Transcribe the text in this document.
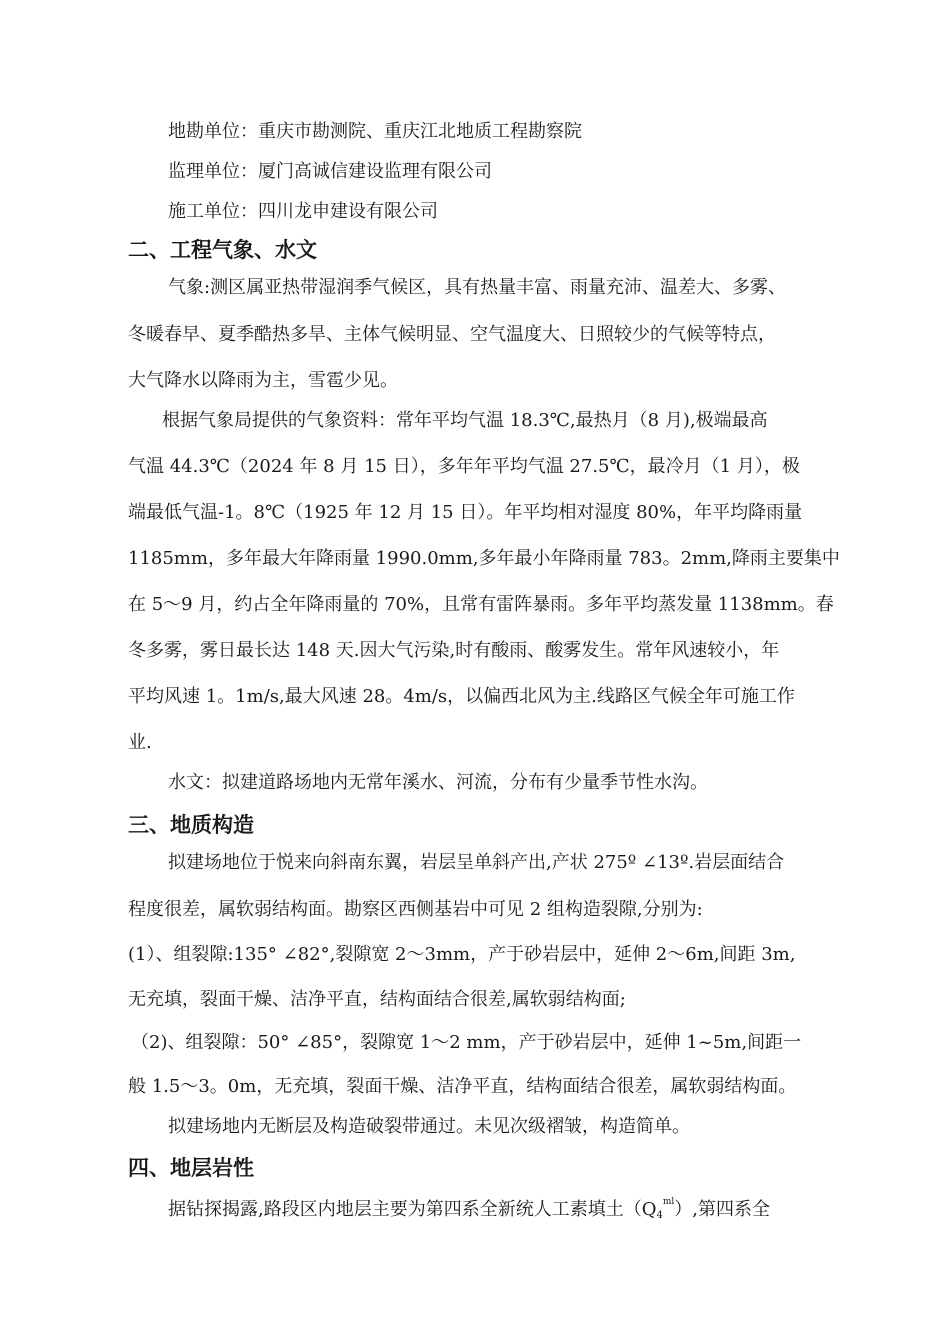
地勘单位：重庆市勘测院、重庆江北地质工程勘察院
监理单位：厦门高诚信建设监理有限公司
施工单位：四川龙申建设有限公司
二、工程气象、水文
气象:测区属亚热带湿润季气候区，具有热量丰富、雨量充沛、温差大、多雾、
冬暖春早、夏季酷热多旱、主体气候明显、空气温度大、日照较少的气候等特点，
大气降水以降雨为主，雪雹少见。
根据气象局提供的气象资料：常年平均气温 18.3℃,最热月（8 月),极端最高
气温 44.3℃（2024 年 8 月 15 日），多年年平均气温 27.5℃，最冷月（1 月），极
端最低气温-1。8℃（1925 年 12 月 15 日）。年平均相对湿度 80%，年平均降雨量
1185mm，多年最大年降雨量 1990.0mm,多年最小年降雨量 783。2mm,降雨主要集中
在 5～9 月，约占全年降雨量的 70%，且常有雷阵暴雨。多年平均蒸发量 1138mm。春
冬多雾，雾日最长达 148 天.因大气污染,时有酸雨、酸雾发生。常年风速较小，年
平均风速 1。1m/s,最大风速 28。4m/s，以偏西北风为主.线路区气候全年可施工作
业.
水文：拟建道路场地内无常年溪水、河流，分布有少量季节性水沟。
三、地质构造
拟建场地位于悦来向斜南东翼，岩层呈单斜产出,产状 275º ∠13º.岩层面结合
程度很差，属软弱结构面。勘察区西侧基岩中可见 2 组构造裂隙,分别为:
(1）、组裂隙:135° ∠82°,裂隙宽 2～3mm，产于砂岩层中，延伸 2～6m,间距 3m,
无充填，裂面干燥、洁净平直，结构面结合很差,属软弱结构面;
（2)、组裂隙：50° ∠85°，裂隙宽 1～2 mm，产于砂岩层中，延伸 1~5m,间距一
般 1.5～3。0m，无充填，裂面干燥、洁净平直，结构面结合很差，属软弱结构面。
拟建场地内无断层及构造破裂带通过。未见次级褶皱，构造简单。
四、地层岩性
据钻探揭露,路段区内地层主要为第四系全新统人工素填土$(Q4^{ml})$,第四系全
